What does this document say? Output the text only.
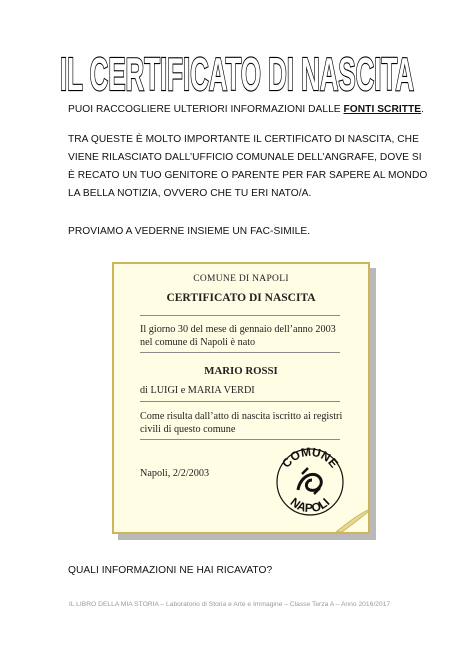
IL CERTIFICATO DI NASCITA

PUOI RACCOGLIERE ULTERIORI INFORMAZIONI DALLE FONTI SCRITTE.

TRA QUESTE È MOLTO IMPORTANTE IL CERTIFICATO DI NASCITA, CHE VIENE RILASCIATO DALL’UFFICIO COMUNALE DELL’ANGRAFE, DOVE SI È RECATO UN TUO GENITORE O PARENTE PER FAR SAPERE AL MONDO LA BELLA NOTIZIA, OVVERO CHE TU ERI NATO/A.

PROVIAMO A VEDERNE INSIEME UN FAC-SIMILE.

COMUNE DI NAPOLI

CERTIFICATO DI NASCITA

Il giorno 30 del mese di gennaio dell’anno 2003

nel comune di Napoli è nato

MARIO ROSSI

di LUIGI e MARIA VERDI

Come risulta dall’atto di nascita iscritto ai registri

civili di questo comune

Napoli, 2/2/2003

COMUNE
NAPOLI

QUALI INFORMAZIONI NE HAI RICAVATO?

IL LIBRO DELLA MIA STORIA – Laboratorio di Storia e Arte e Immagine – Classe Terza A – Anno 2016/2017
